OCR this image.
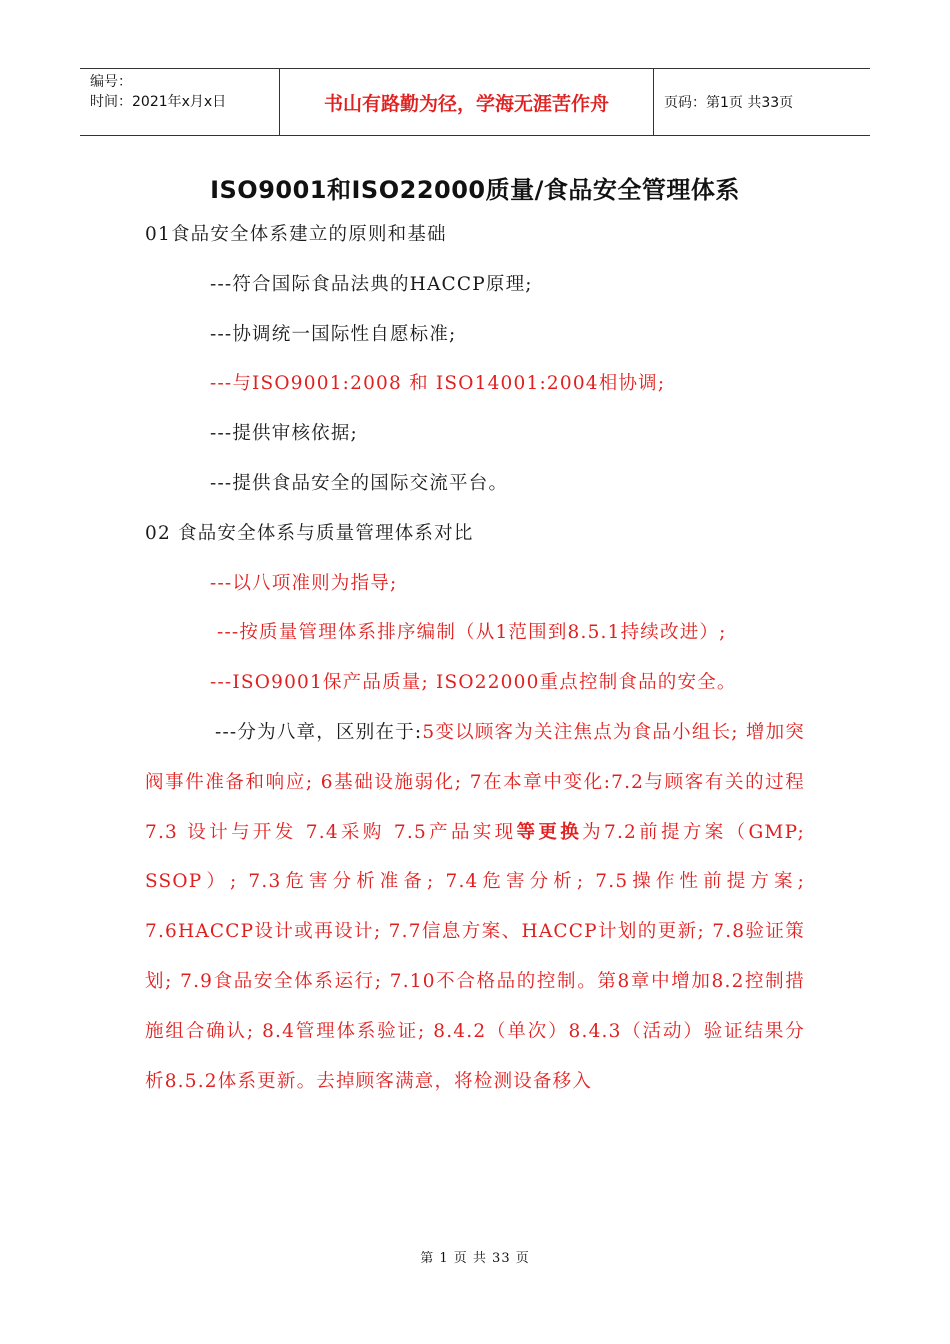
编号：
时间：2021年x月x日	书山有路勤为径，学海无涯苦作舟	页码：第1页 共33页
ISO9001和ISO22000质量/食品安全管理体系

01食品安全体系建立的原则和基础

---符合国际食品法典的HACCP原理;

---协调统一国际性自愿标准;

---与ISO9001:2008 和 ISO14001:2004相协调;

---提供审核依据;

---提供食品安全的国际交流平台。

02 食品安全体系与质量管理体系对比

---以八项准则为指导;

---按质量管理体系排序编制（从1范围到8.5.1持续改进）;

---ISO9001保产品质量; ISO22000重点控制食品的安全。

---分为八章，区别在于:5变以顾客为关注焦点为食品小组长; 增加突阀事件准备和响应; 6基础设施弱化; 7在本章中变化:7.2与顾客有关的过程 7.3 设计与开发 7.4采购 7.5产品实现等更换为7.2前提方案（GMP; SSOP）; 7.3危害分析准备; 7.4危害分析; 7.5操作性前提方案; 7.6HACCP设计或再设计; 7.7信息方案、HACCP计划的更新; 7.8验证策划; 7.9食品安全体系运行; 7.10不合格品的控制。第8章中增加8.2控制措施组合确认; 8.4管理体系验证; 8.4.2（单次）8.4.3（活动）验证结果分析8.5.2体系更新。去掉顾客满意，将检测设备移入

第 1 页 共 33 页
